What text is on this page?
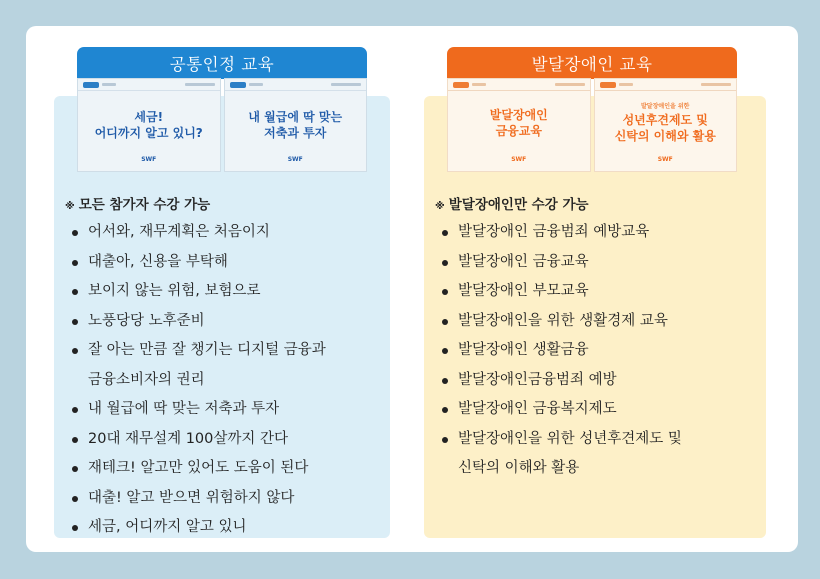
공통인정 교육
세금!
어디까지 알고 있니?
SWF
내 월급에 딱 맞는
저축과 투자
SWF
※ 모든 참가자 수강 가능
어서와, 재무계획은 처음이지
대출아, 신용을 부탁해
보이지 않는 위험, 보험으로
노풍당당 노후준비
잘 아는 만큼 잘 챙기는 디지털 금융과
금융소비자의 권리
내 월급에 딱 맞는 저축과 투자
20대 재무설계 100살까지 간다
재테크! 알고만 있어도 도움이 된다
대출! 알고 받으면 위험하지 않다
세금, 어디까지 알고 있니
발달장애인 교육
발달장애인
금융교육
SWF
발달장애인을 위한
성년후견제도 및
신탁의 이해와 활용
SWF
※ 발달장애인만 수강 가능
발달장애인 금융범죄 예방교육
발달장애인 금융교육
발달장애인 부모교육
발달장애인을 위한 생활경제 교육
발달장애인 생활금융
발달장애인금융범죄 예방
발달장애인 금융복지제도
발달장애인을 위한 성년후견제도 및
신탁의 이해와 활용
